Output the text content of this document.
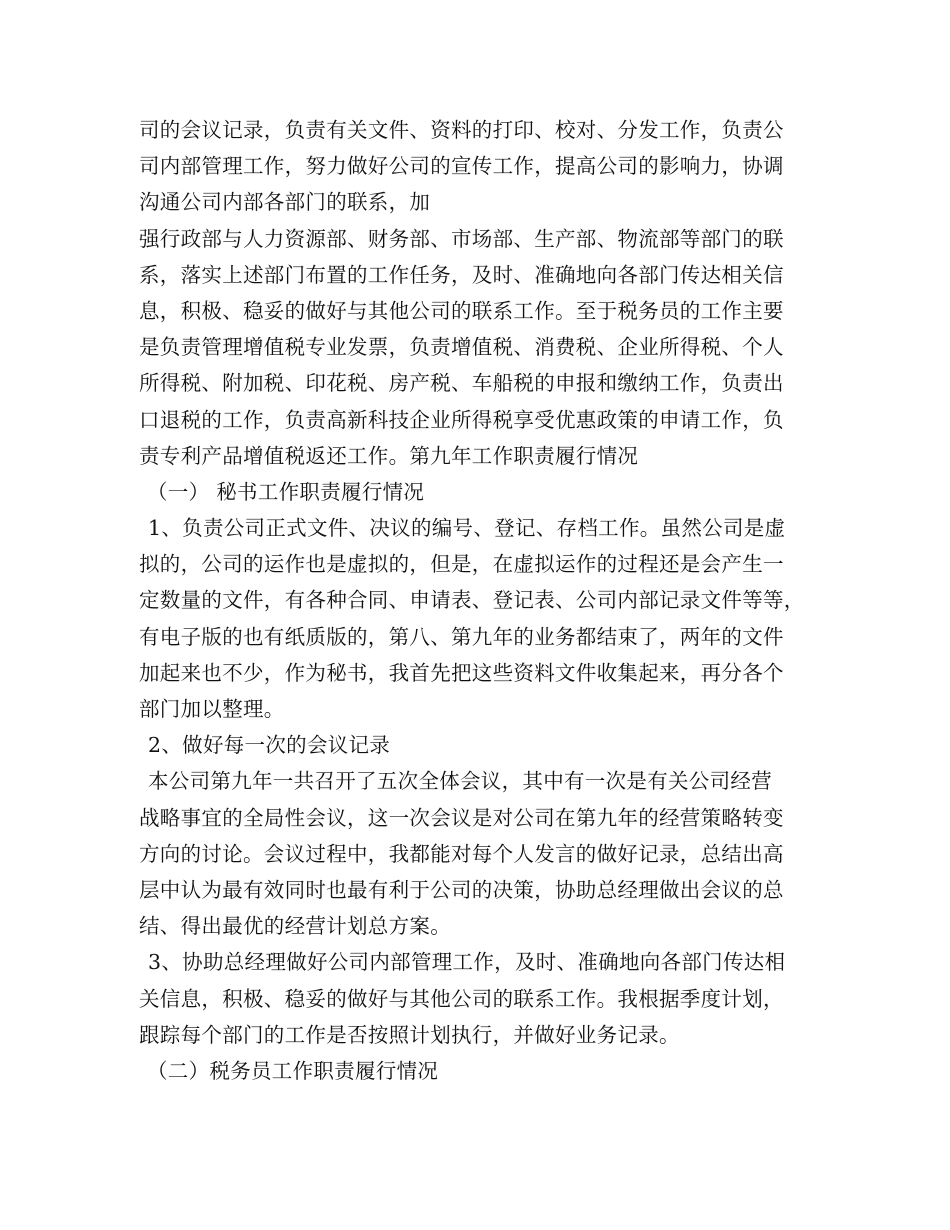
司的会议记录，负责有关文件、资料的打印、校对、分发工作，负责公
司内部管理工作，努力做好公司的宣传工作，提高公司的影响力，协调
沟通公司内部各部门的联系，加
强行政部与人力资源部、财务部、市场部、生产部、物流部等部门的联
系，落实上述部门布置的工作任务，及时、准确地向各部门传达相关信
息，积极、稳妥的做好与其他公司的联系工作。至于税务员的工作主要
是负责管理增值税专业发票，负责增值税、消费税、企业所得税、个人
所得税、附加税、印花税、房产税、车船税的申报和缴纳工作，负责出
口退税的工作，负责高新科技企业所得税享受优惠政策的申请工作，负
责专利产品增值税返还工作。第九年工作职责履行情况
（一） 秘书工作职责履行情况
1、负责公司正式文件、决议的编号、登记、存档工作。虽然公司是虚
拟的，公司的运作也是虚拟的，但是，在虚拟运作的过程还是会产生一
定数量的文件，有各种合同、申请表、登记表、公司内部记录文件等等，
有电子版的也有纸质版的，第八、第九年的业务都结束了，两年的文件
加起来也不少，作为秘书，我首先把这些资料文件收集起来，再分各个
部门加以整理。
2、做好每一次的会议记录
本公司第九年一共召开了五次全体会议，其中有一次是有关公司经营
战略事宜的全局性会议，这一次会议是对公司在第九年的经营策略转变
方向的讨论。会议过程中，我都能对每个人发言的做好记录，总结出高
层中认为最有效同时也最有利于公司的决策，协助总经理做出会议的总
结、得出最优的经营计划总方案。
3、协助总经理做好公司内部管理工作，及时、准确地向各部门传达相
关信息，积极、稳妥的做好与其他公司的联系工作。我根据季度计划，
跟踪每个部门的工作是否按照计划执行，并做好业务记录。
（二）税务员工作职责履行情况
